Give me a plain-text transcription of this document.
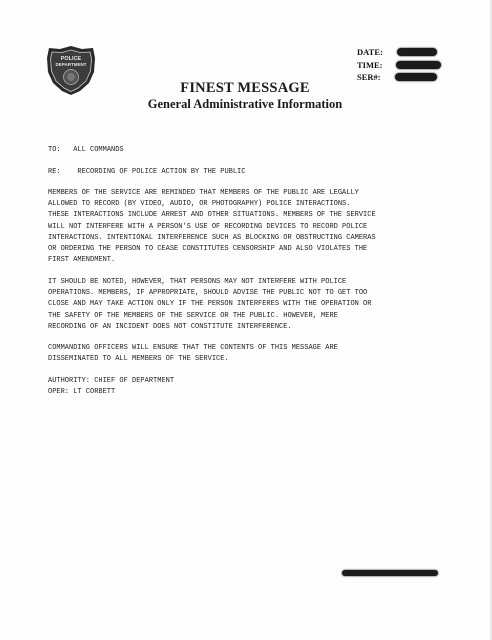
POLICE
DEPARTMENT
DATE:
TIME:
SER#:
FINEST MESSAGE
General Administrative Information
TO: ALL COMMANDS
RE: RECORDING OF POLICE ACTION BY THE PUBLIC
MEMBERS OF THE SERVICE ARE REMINDED THAT MEMBERS OF THE PUBLIC ARE LEGALLY
ALLOWED TO RECORD (BY VIDEO, AUDIO, OR PHOTOGRAPHY) POLICE INTERACTIONS.
THESE INTERACTIONS INCLUDE ARREST AND OTHER SITUATIONS. MEMBERS OF THE SERVICE
WILL NOT INTERFERE WITH A PERSON'S USE OF RECORDING DEVICES TO RECORD POLICE
INTERACTIONS. INTENTIONAL INTERFERENCE SUCH AS BLOCKING OR OBSTRUCTING CAMERAS
OR ORDERING THE PERSON TO CEASE CONSTITUTES CENSORSHIP AND ALSO VIOLATES THE
FIRST AMENDMENT.
IT SHOULD BE NOTED, HOWEVER, THAT PERSONS MAY NOT INTERFERE WITH POLICE
OPERATIONS. MEMBERS, IF APPROPRIATE, SHOULD ADVISE THE PUBLIC NOT TO GET TOO
CLOSE AND MAY TAKE ACTION ONLY IF THE PERSON INTERFERES WITH THE OPERATION OR
THE SAFETY OF THE MEMBERS OF THE SERVICE OR THE PUBLIC. HOWEVER, MERE
RECORDING OF AN INCIDENT DOES NOT CONSTITUTE INTERFERENCE.
COMMANDING OFFICERS WILL ENSURE THAT THE CONTENTS OF THIS MESSAGE ARE
DISSEMINATED TO ALL MEMBERS OF THE SERVICE.
AUTHORITY: CHIEF OF DEPARTMENT
OPER: LT CORBETT
